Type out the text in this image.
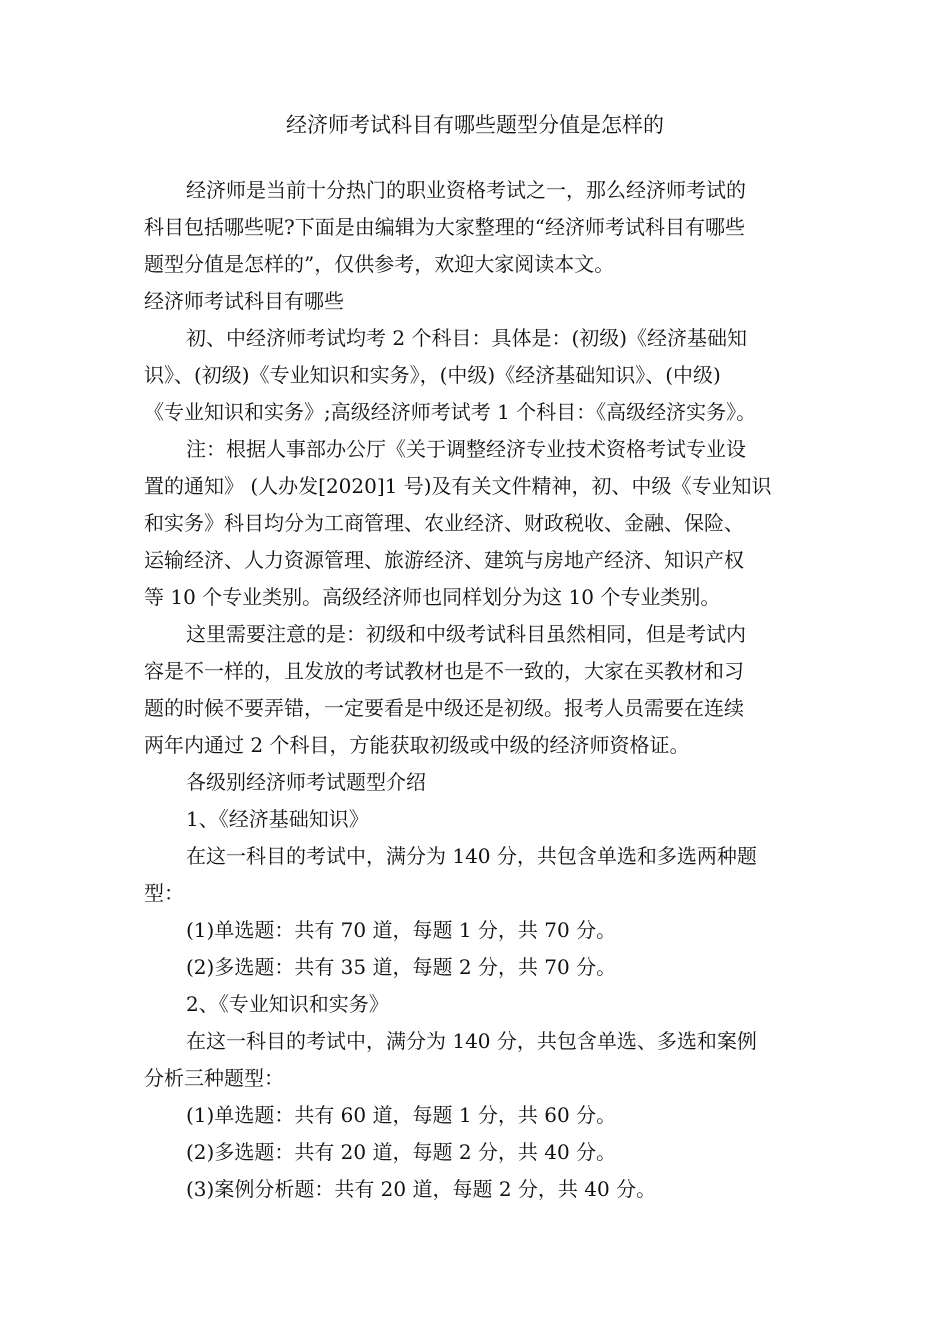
经济师考试科目有哪些题型分值是怎样的
经济师是当前十分热门的职业资格考试之一，那么经济师考试的
科目包括哪些呢?下面是由编辑为大家整理的“经济师考试科目有哪些
题型分值是怎样的”，仅供参考，欢迎大家阅读本文。
经济师考试科目有哪些
初、中经济师考试均考 2 个科目：具体是：(初级)《经济基础知
识》、(初级)《专业知识和实务》，(中级)《经济基础知识》、(中级)
《专业知识和实务》;高级经济师考试考 1 个科目：《高级经济实务》。
注：根据人事部办公厅《关于调整经济专业技术资格考试专业设
置的通知》 (人办发[2020]1 号)及有关文件精神，初、中级《专业知识
和实务》科目均分为工商管理、农业经济、财政税收、金融、保险、
运输经济、人力资源管理、旅游经济、建筑与房地产经济、知识产权
等 10 个专业类别。高级经济师也同样划分为这 10 个专业类别。
这里需要注意的是：初级和中级考试科目虽然相同，但是考试内
容是不一样的，且发放的考试教材也是不一致的，大家在买教材和习
题的时候不要弄错，一定要看是中级还是初级。报考人员需要在连续
两年内通过 2 个科目，方能获取初级或中级的经济师资格证。
各级别经济师考试题型介绍
1、《经济基础知识》
在这一科目的考试中，满分为 140 分，共包含单选和多选两种题
型：
(1)单选题：共有 70 道，每题 1 分，共 70 分。
(2)多选题：共有 35 道，每题 2 分，共 70 分。
2、《专业知识和实务》
在这一科目的考试中，满分为 140 分，共包含单选、多选和案例
分析三种题型：
(1)单选题：共有 60 道，每题 1 分，共 60 分。
(2)多选题：共有 20 道，每题 2 分，共 40 分。
(3)案例分析题：共有 20 道，每题 2 分，共 40 分。
